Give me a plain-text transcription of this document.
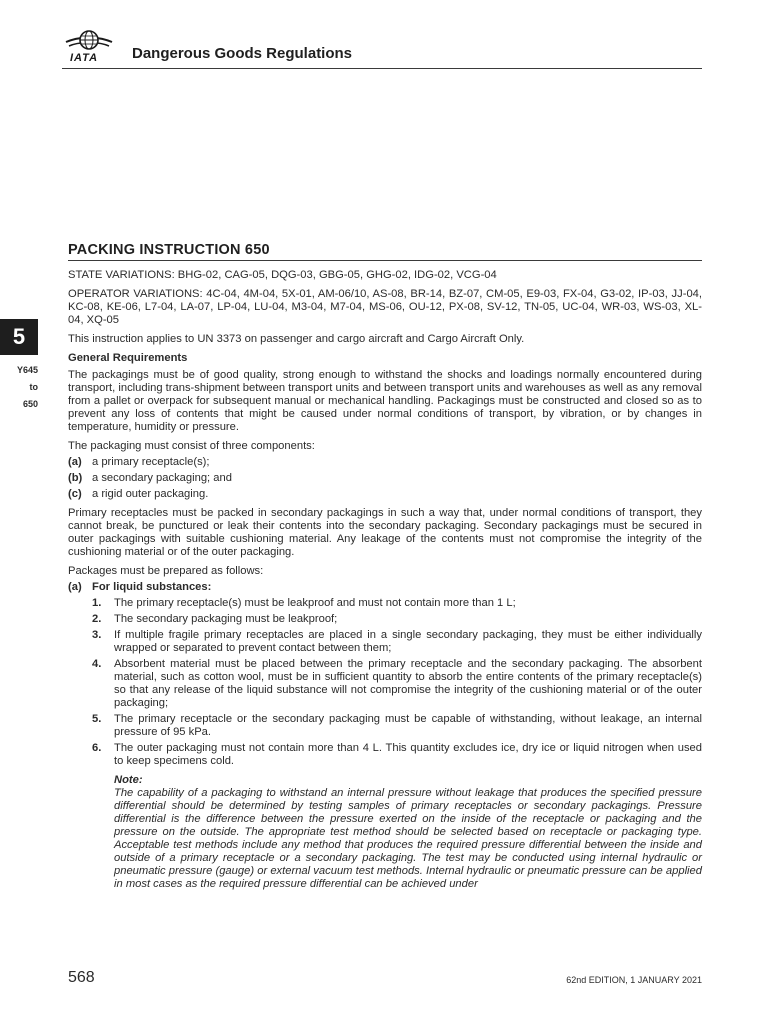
IATA Dangerous Goods Regulations
5
Y645
to
650
PACKING INSTRUCTION 650

STATE VARIATIONS: BHG-02, CAG-05, DQG-03, GBG-05, GHG-02, IDG-02, VCG-04

OPERATOR VARIATIONS: 4C-04, 4M-04, 5X-01, AM-06/10, AS-08, BR-14, BZ-07, CM-05, E9-03, FX-04, G3-02, IP-03, JJ-04, KC-08, KE-06, L7-04, LA-07, LP-04, LU-04, M3-04, M7-04, MS-06, OU-12, PX-08, SV-12, TN-05, UC-04, WR-03, WS-03, XL-04, XQ-05

This instruction applies to UN 3373 on passenger and cargo aircraft and Cargo Aircraft Only.

General Requirements

The packagings must be of good quality, strong enough to withstand the shocks and loadings normally encountered during transport, including trans-shipment between transport units and between transport units and warehouses as well as any removal from a pallet or overpack for subsequent manual or mechanical handling. Packagings must be constructed and closed so as to prevent any loss of contents that might be caused under normal conditions of transport, by vibration, or by changes in temperature, humidity or pressure.

The packaging must consist of three components:

(a) a primary receptacle(s);
(b) a secondary packaging; and
(c) a rigid outer packaging.

Primary receptacles must be packed in secondary packagings in such a way that, under normal conditions of transport, they cannot break, be punctured or leak their contents into the secondary packaging. Secondary packagings must be secured in outer packagings with suitable cushioning material. Any leakage of the contents must not compromise the integrity of the cushioning material or of the outer packaging.

Packages must be prepared as follows:

(a) For liquid substances:
1.	The primary receptacle(s) must be leakproof and must not contain more than 1 L;
2.	The secondary packaging must be leakproof;
3.	If multiple fragile primary receptacles are placed in a single secondary packaging, they must be either individually wrapped or separated to prevent contact between them;
4.	Absorbent material must be placed between the primary receptacle and the secondary packaging. The absorbent material, such as cotton wool, must be in sufficient quantity to absorb the entire contents of the primary receptacle(s) so that any release of the liquid substance will not compromise the integrity of the cushioning material or of the outer packaging;
5.	The primary receptacle or the secondary packaging must be capable of withstanding, without leakage, an internal pressure of 95 kPa.
6.	The outer packaging must not contain more than 4 L. This quantity excludes ice, dry ice or liquid nitrogen when used to keep specimens cold.
Note:
The capability of a packaging to withstand an internal pressure without leakage that produces the specified pressure differential should be determined by testing samples of primary receptacles or secondary packagings. Pressure differential is the difference between the pressure exerted on the inside of the receptacle or packaging and the pressure on the outside. The appropriate test method should be selected based on receptacle or packaging type. Acceptable test methods include any method that produces the required pressure differential between the inside and outside of a primary receptacle or a secondary packaging. The test may be conducted using internal hydraulic or pneumatic pressure (gauge) or external vacuum test methods. Internal hydraulic or pneumatic pressure can be applied in most cases as the required pressure differential can be achieved under
568	62nd EDITION, 1 JANUARY 2021
